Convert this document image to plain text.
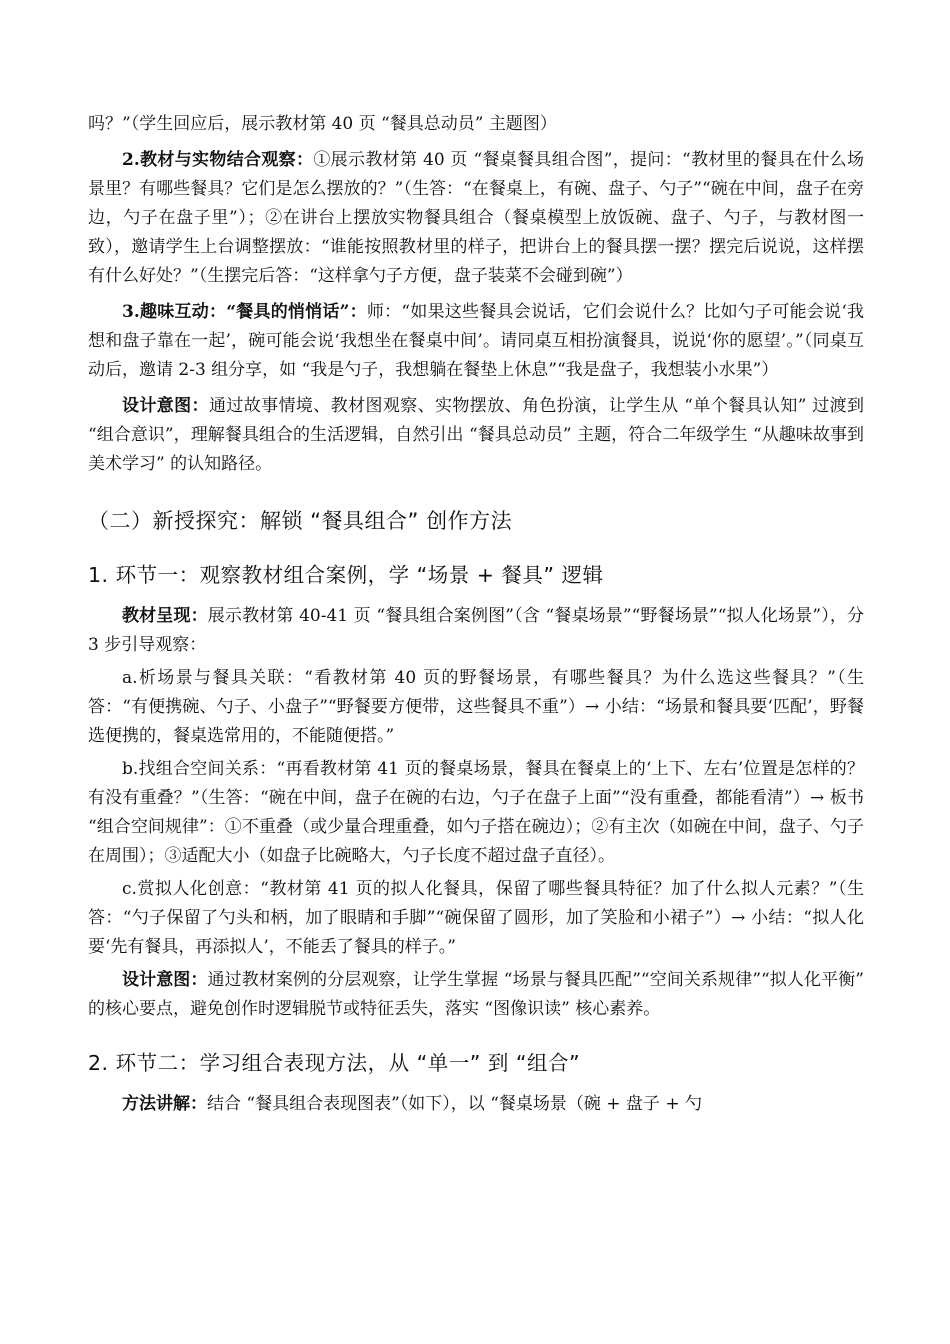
吗？”（学生回应后，展示教材第 40 页 “餐具总动员” 主题图）

2.教材与实物结合观察：①展示教材第 40 页 “餐桌餐具组合图”，提问：“教材里的餐具在什么场景里？有哪些餐具？它们是怎么摆放的？”（生答：“在餐桌上，有碗、盘子、勺子”“碗在中间，盘子在旁边，勺子在盘子里”）；②在讲台上摆放实物餐具组合（餐桌模型上放饭碗、盘子、勺子，与教材图一致），邀请学生上台调整摆放：“谁能按照教材里的样子，把讲台上的餐具摆一摆？摆完后说说，这样摆有什么好处？”（生摆完后答：“这样拿勺子方便，盘子装菜不会碰到碗”）

3.趣味互动：“餐具的悄悄话”：师：“如果这些餐具会说话，它们会说什么？比如勺子可能会说‘我想和盘子靠在一起’，碗可能会说‘我想坐在餐桌中间’。请同桌互相扮演餐具，说说‘你的愿望’。”（同桌互动后，邀请 2-3 组分享，如 “我是勺子，我想躺在餐垫上休息”“我是盘子，我想装小水果”）

设计意图：通过故事情境、教材图观察、实物摆放、角色扮演，让学生从 “单个餐具认知” 过渡到 “组合意识”，理解餐具组合的生活逻辑，自然引出 “餐具总动员” 主题，符合二年级学生 “从趣味故事到美术学习” 的认知路径。

（二）新授探究：解锁 “餐具组合” 创作方法
1. 环节一：观察教材组合案例，学 “场景 + 餐具” 逻辑

教材呈现：展示教材第 40-41 页 “餐具组合案例图”（含 “餐桌场景”“野餐场景”“拟人化场景”），分 3 步引导观察：

a.析场景与餐具关联：“看教材第 40 页的野餐场景，有哪些餐具？为什么选这些餐具？”（生答：“有便携碗、勺子、小盘子”“野餐要方便带，这些餐具不重”）→ 小结：“场景和餐具要‘匹配’，野餐选便携的，餐桌选常用的，不能随便搭。”

b.找组合空间关系：“再看教材第 41 页的餐桌场景，餐具在餐桌上的‘上下、左右’位置是怎样的？有没有重叠？”（生答：“碗在中间，盘子在碗的右边，勺子在盘子上面”“没有重叠，都能看清”）→ 板书 “组合空间规律”：①不重叠（或少量合理重叠，如勺子搭在碗边）；②有主次（如碗在中间，盘子、勺子在周围）；③适配大小（如盘子比碗略大，勺子长度不超过盘子直径）。

c.赏拟人化创意：“教材第 41 页的拟人化餐具，保留了哪些餐具特征？加了什么拟人元素？”（生答：“勺子保留了勺头和柄，加了眼睛和手脚”“碗保留了圆形，加了笑脸和小裙子”）→ 小结：“拟人化要‘先有餐具，再添拟人’，不能丢了餐具的样子。”

设计意图：通过教材案例的分层观察，让学生掌握 “场景与餐具匹配”“空间关系规律”“拟人化平衡” 的核心要点，避免创作时逻辑脱节或特征丢失，落实 “图像识读” 核心素养。

2. 环节二：学习组合表现方法，从 “单一” 到 “组合”

方法讲解：结合 “餐具组合表现图表”（如下），以 “餐桌场景（碗 + 盘子 + 勺
